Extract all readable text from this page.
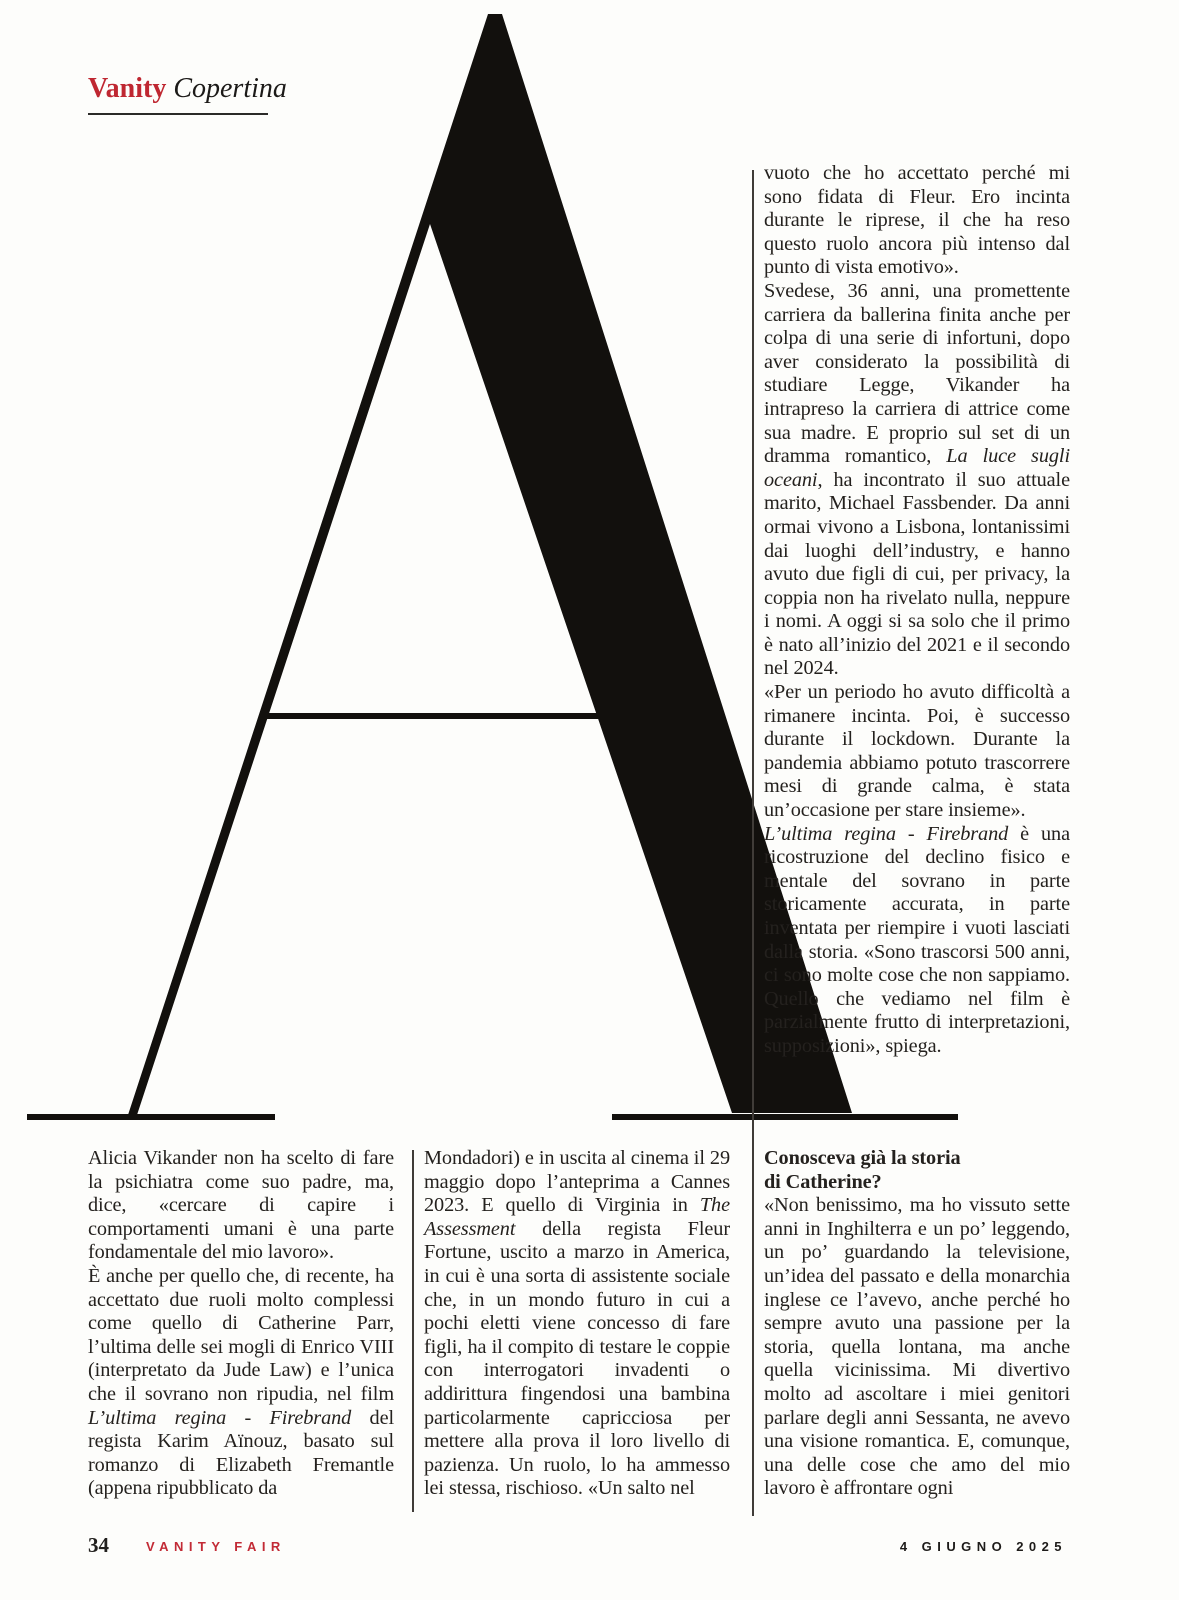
Vanity Copertina

vuoto che ho accettato perché mi sono fidata di Fleur. Ero incinta durante le riprese, il che ha reso questo ruolo ancora più intenso dal punto di vista emotivo».

Svedese, 36 anni, una promettente carriera da ballerina finita anche per colpa di una serie di infortuni, dopo aver considerato la possibilità di studiare Legge, Vikander ha intrapreso la carriera di attrice come sua madre. E proprio sul set di un dramma romantico, La luce sugli oceani, ha incontrato il suo attuale marito, Michael Fassbender. Da anni ormai vivono a Lisbona, lontanissimi dai luoghi dell’industry, e hanno avuto due figli di cui, per privacy, la coppia non ha rivelato nulla, neppure i nomi. A oggi si sa solo che il primo è nato all’inizio del 2021 e il secondo nel 2024.

«Per un periodo ho avuto difficoltà a rimanere incinta. Poi, è successo durante il lockdown. Durante la pandemia abbiamo potuto trascorrere mesi di grande calma, è stata un’occasione per stare insieme».

L’ultima regina - Firebrand è una ricostruzione del declino fisico e mentale del sovrano in parte storicamente accurata, in parte inventata per riempire i vuoti lasciati dalla storia. «Sono trascorsi 500 anni, ci sono molte cose che non sappiamo. Quello che vediamo nel film è parzialmente frutto di interpretazioni, supposizioni», spiega.

Alicia Vikander non ha scelto di fare la psichiatra come suo padre, ma, dice, «cercare di capire i comportamenti umani è una parte fondamentale del mio lavoro».

È anche per quello che, di recente, ha accettato due ruoli molto complessi come quello di Catherine Parr, l’ultima delle sei mogli di Enrico VIII (interpretato da Jude Law) e l’unica che il sovrano non ripudia, nel film L’ultima regina - Firebrand del regista Karim Aïnouz, basato sul romanzo di Elizabeth Fremantle (appena ripubblicato da

Mondadori) e in uscita al cinema il 29 maggio dopo l’anteprima a Cannes 2023. E quello di Virginia in The Assessment della regista Fleur Fortune, uscito a marzo in America, in cui è una sorta di assistente sociale che, in un mondo futuro in cui a pochi eletti viene concesso di fare figli, ha il compito di testare le coppie con interrogatori invadenti o addirittura fingendosi una bambina particolarmente capricciosa per mettere alla prova il loro livello di pazienza. Un ruolo, lo ha ammesso lei stessa, rischioso. «Un salto nel

Conosceva già la storia
di Catherine?

«Non benissimo, ma ho vissuto sette anni in Inghilterra e un po’ leggendo, un po’ guardando la televisione, un’idea del passato e della monarchia inglese ce l’avevo, anche perché ho sempre avuto una passione per la storia, quella lontana, ma anche quella vicinissima. Mi divertivo molto ad ascoltare i miei genitori parlare degli anni Sessanta, ne avevo una visione romantica. E, comunque, una delle cose che amo del mio lavoro è affrontare ogni

34	VANITY FAIR	4 GIUGNO 2025
